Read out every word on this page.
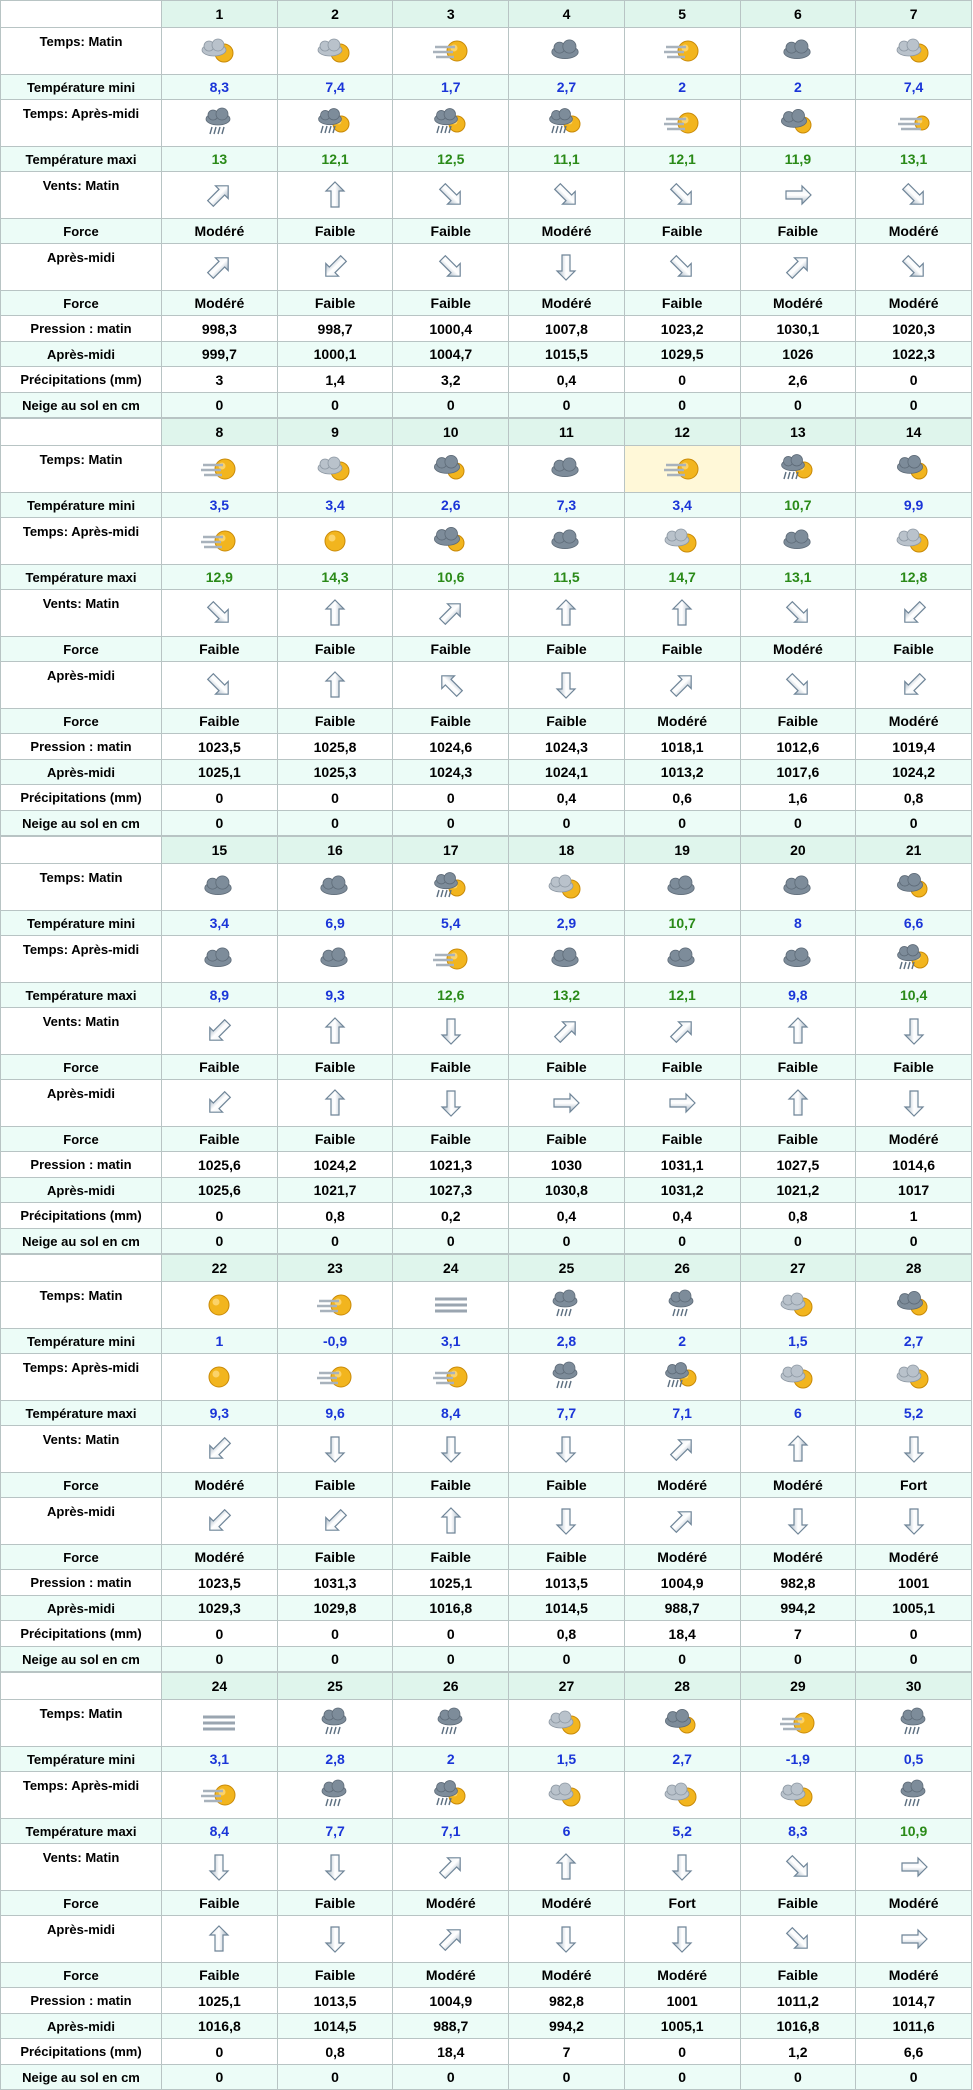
	1	2	3	4	5	6	7
Temps: Matin	

Température mini	8,3	7,4	1,7	2,7	2	2	7,4
Temps: Après-midi	

Température maxi	13	12,1	12,5	11,1	12,1	11,9	13,1
Vents: Matin	

Force	Modéré	Faible	Faible	Modéré	Faible	Faible	Modéré
Après-midi	

Force	Modéré	Faible	Faible	Modéré	Faible	Modéré	Modéré
Pression : matin	998,3	998,7	1000,4	1007,8	1023,2	1030,1	1020,3
Après-midi	999,7	1000,1	1004,7	1015,5	1029,5	1026	1022,3
Précipitations (mm)	3	1,4	3,2	0,4	0	2,6	0
Neige au sol en cm	0	0	0	0	0	0	0
	8	9	10	11	12	13	14
Temps: Matin	

Température mini	3,5	3,4	2,6	7,3	3,4	10,7	9,9
Temps: Après-midi	

Température maxi	12,9	14,3	10,6	11,5	14,7	13,1	12,8
Vents: Matin	

Force	Faible	Faible	Faible	Faible	Faible	Modéré	Faible
Après-midi	

Force	Faible	Faible	Faible	Faible	Modéré	Faible	Modéré
Pression : matin	1023,5	1025,8	1024,6	1024,3	1018,1	1012,6	1019,4
Après-midi	1025,1	1025,3	1024,3	1024,1	1013,2	1017,6	1024,2
Précipitations (mm)	0	0	0	0,4	0,6	1,6	0,8
Neige au sol en cm	0	0	0	0	0	0	0
	15	16	17	18	19	20	21
Temps: Matin	

Température mini	3,4	6,9	5,4	2,9	10,7	8	6,6
Temps: Après-midi	

Température maxi	8,9	9,3	12,6	13,2	12,1	9,8	10,4
Vents: Matin	

Force	Faible	Faible	Faible	Faible	Faible	Faible	Faible
Après-midi	

Force	Faible	Faible	Faible	Faible	Faible	Faible	Modéré
Pression : matin	1025,6	1024,2	1021,3	1030	1031,1	1027,5	1014,6
Après-midi	1025,6	1021,7	1027,3	1030,8	1031,2	1021,2	1017
Précipitations (mm)	0	0,8	0,2	0,4	0,4	0,8	1
Neige au sol en cm	0	0	0	0	0	0	0
	22	23	24	25	26	27	28
Temps: Matin	

Température mini	1	-0,9	3,1	2,8	2	1,5	2,7
Temps: Après-midi	

Température maxi	9,3	9,6	8,4	7,7	7,1	6	5,2
Vents: Matin	

Force	Modéré	Faible	Faible	Faible	Modéré	Modéré	Fort
Après-midi	

Force	Modéré	Faible	Faible	Faible	Modéré	Modéré	Modéré
Pression : matin	1023,5	1031,3	1025,1	1013,5	1004,9	982,8	1001
Après-midi	1029,3	1029,8	1016,8	1014,5	988,7	994,2	1005,1
Précipitations (mm)	0	0	0	0,8	18,4	7	0
Neige au sol en cm	0	0	0	0	0	0	0
	24	25	26	27	28	29	30
Temps: Matin	

Température mini	3,1	2,8	2	1,5	2,7	-1,9	0,5
Temps: Après-midi	

Température maxi	8,4	7,7	7,1	6	5,2	8,3	10,9
Vents: Matin	

Force	Faible	Faible	Modéré	Modéré	Fort	Faible	Modéré
Après-midi	

Force	Faible	Faible	Modéré	Modéré	Modéré	Faible	Modéré
Pression : matin	1025,1	1013,5	1004,9	982,8	1001	1011,2	1014,7
Après-midi	1016,8	1014,5	988,7	994,2	1005,1	1016,8	1011,6
Précipitations (mm)	0	0,8	18,4	7	0	1,2	6,6
Neige au sol en cm	0	0	0	0	0	0	0
